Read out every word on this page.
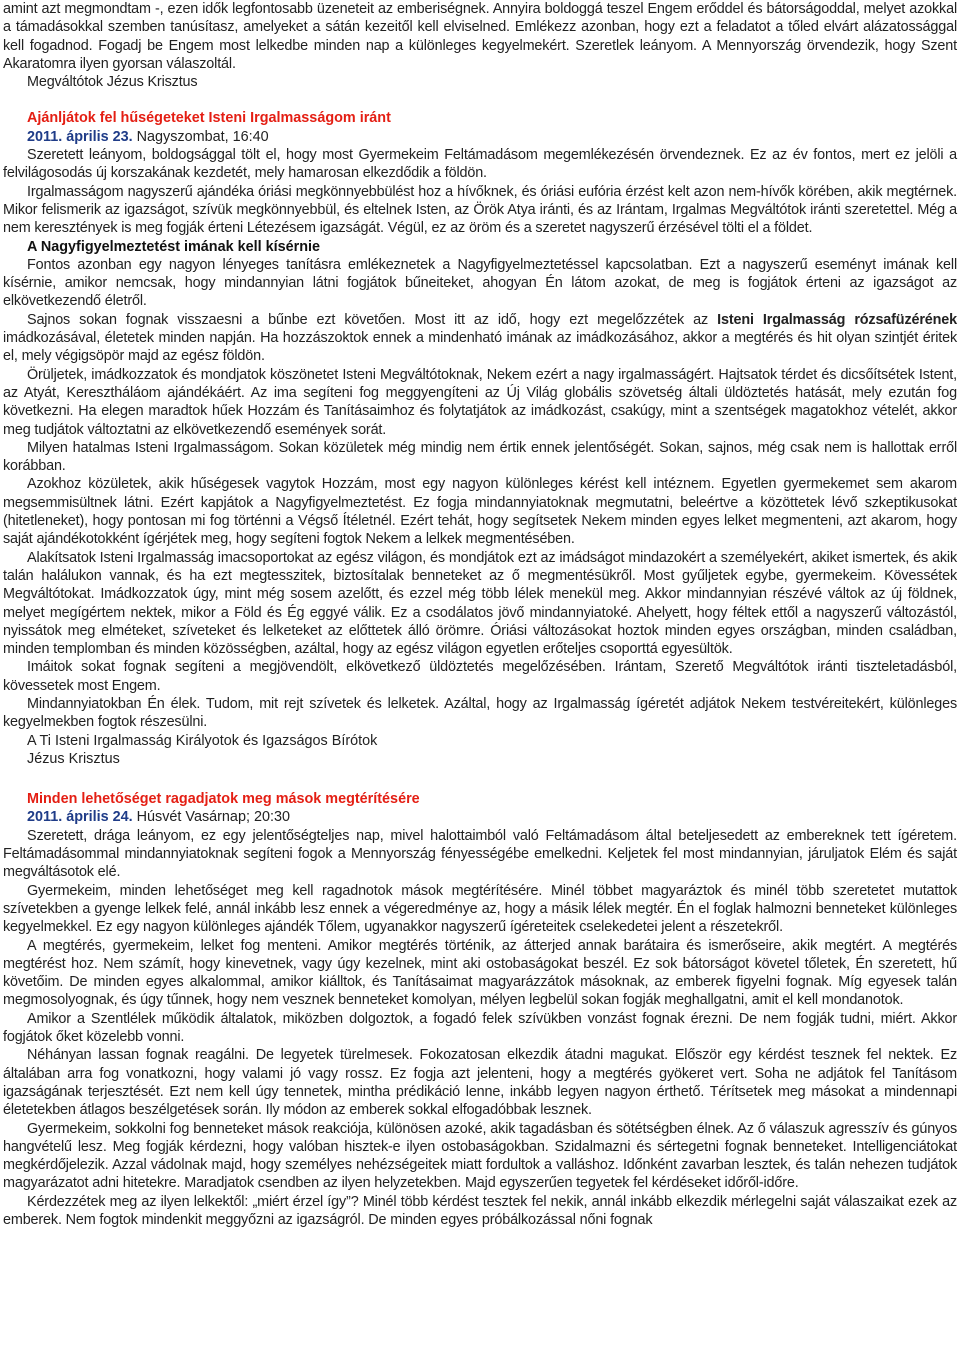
amint azt megmondtam -, ezen idők legfontosabb üzeneteit az emberiségnek. Annyira boldoggá teszel Engem erőddel és bátorságoddal, melyet azokkal a támadásokkal szemben tanúsítasz, amelyeket a sátán kezeitől kell elviselned. Emlékezz azonban, hogy ezt a feladatot a tőled elvárt alázatossággal kell fogadnod. Fogadj be Engem most lelkedbe minden nap a különleges kegyelmekért. Szeretlek leányom. A Mennyország örvendezik, hogy Szent Akaratomra ilyen gyorsan válaszoltál.

Megváltótok Jézus Krisztus

Ajánljátok fel hűségeteket Isteni Irgalmasságom iránt
2011. április 23. Nagyszombat, 16:40

Szeretett leányom, boldogsággal tölt el, hogy most Gyermekeim Feltámadásom megemlékezésén örvendeznek. Ez az év fontos, mert ez jelöli a felvilágosodás új korszakának kezdetét, mely hamarosan elkezdődik a földön.

Irgalmasságom nagyszerű ajándéka óriási megkönnyebbülést hoz a hívőknek, és óriási eufória érzést kelt azon nem-hívők körében, akik megtérnek. Mikor felismerik az igazságot, szívük megkönnyebbül, és eltelnek Isten, az Örök Atya iránti, és az Irántam, Irgalmas Megváltótok iránti szeretettel. Még a nem keresztények is meg fogják érteni Létezésem igazságát. Végül, ez az öröm és a szeretet nagyszerű érzésével tölti el a földet.

A Nagyfigyelmeztetést imának kell kísérnie

Fontos azonban egy nagyon lényeges tanításra emlékeznetek a Nagyfigyelmeztetéssel kapcsolatban. Ezt a nagyszerű eseményt imának kell kísérnie, amikor nemcsak, hogy mindannyian látni fogjátok bűneiteket, ahogyan Én látom azokat, de meg is fogjátok érteni az igazságot az elkövetkezendő életről.

Sajnos sokan fognak visszaesni a bűnbe ezt követően. Most itt az idő, hogy ezt megelőzzétek az Isteni Irgalmasság rózsafüzérének imádkozásával, életetek minden napján. Ha hozzászoktok ennek a mindenható imának az imádkozásához, akkor a megtérés és hit olyan szintjét éritek el, mely végigsöpör majd az egész földön.

Örüljetek, imádkozzatok és mondjatok köszönetet Isteni Megváltótoknak, Nekem ezért a nagy irgalmasságért. Hajtsatok térdet és dicsőítsétek Istent, az Atyát, Keresztháláom ajándékáért. Az ima segíteni fog meggyengíteni az Új Világ globális szövetség általi üldöztetés hatását, mely ezután fog következni. Ha elegen maradtok hűek Hozzám és Tanításaimhoz és folytatjátok az imádkozást, csakúgy, mint a szentségek magatokhoz vételét, akkor meg tudjátok változtatni az elkövetkezendő események sorát.

Milyen hatalmas Isteni Irgalmasságom. Sokan közületek még mindig nem értik ennek jelentőségét. Sokan, sajnos, még csak nem is hallottak erről korábban.

Azokhoz közületek, akik hűségesek vagytok Hozzám, most egy nagyon különleges kérést kell intéznem. Egyetlen gyermekemet sem akarom megsemmisültnek látni. Ezért kapjátok a Nagyfigyelmeztetést. Ez fogja mindannyiatoknak megmutatni, beleértve a közöttetek lévő szkeptikusokat (hitetleneket), hogy pontosan mi fog történni a Végső Ítéletnél. Ezért tehát, hogy segítsetek Nekem minden egyes lelket megmenteni, azt akarom, hogy saját ajándékotokként ígérjétek meg, hogy segíteni fogtok Nekem a lelkek megmentésében.

Alakítsatok Isteni Irgalmasság imacsoportokat az egész világon, és mondjátok ezt az imádságot mindazokért a személyekért, akiket ismertek, és akik talán halálukon vannak, és ha ezt megtesszitek, biztosítalak benneteket az ő megmentésükről. Most gyűljetek egybe, gyermekeim. Kövessétek Megváltótokat. Imádkozzatok úgy, mint még sosem azelőtt, és ezzel még több lélek menekül meg. Akkor mindannyian részévé váltok az új földnek, melyet megígértem nektek, mikor a Föld és Ég eggyé válik. Ez a csodálatos jövő mindannyiatoké. Ahelyett, hogy féltek ettől a nagyszerű változástól, nyissátok meg elméteket, szíveteket és lelketeket az előttetek álló örömre. Óriási változásokat hoztok minden egyes országban, minden családban, minden templomban és minden közösségben, azáltal, hogy az egész világon egyetlen erőteljes csoporttá egyesültök.

Imáitok sokat fognak segíteni a megjövendölt, elkövetkező üldöztetés megelőzésében. Irántam, Szerető Megváltótok iránti tiszteletadásból, kövessetek most Engem.

Mindannyiatokban Én élek. Tudom, mit rejt szívetek és lelketek. Azáltal, hogy az Irgalmasság ígéretét adjátok Nekem testvéreitekért, különleges kegyelmekben fogtok részesülni.

A Ti Isteni Irgalmasság Királyotok és Igazságos Bírótok
Jézus Krisztus
Minden lehetőséget ragadjatok meg mások megtérítésére
2011. április 24. Húsvét Vasárnap; 20:30

Szeretett, drága leányom, ez egy jelentőségteljes nap, mivel halottaimból való Feltámadásom által beteljesedett az embereknek tett ígéretem. Feltámadásommal mindannyiatoknak segíteni fogok a Mennyország fényességébe emelkedni. Keljetek fel most mindannyian, járuljatok Elém és saját megváltásotok elé.

Gyermekeim, minden lehetőséget meg kell ragadnotok mások megtérítésére. Minél többet magyaráztok és minél több szeretetet mutattok szívetekben a gyenge lelkek felé, annál inkább lesz ennek a végeredménye az, hogy a másik lélek megtér. Én el foglak halmozni benneteket különleges kegyelmekkel. Ez egy nagyon különleges ajándék Tőlem, ugyanakkor nagyszerű ígéreteitek cselekedetei jelent a részetekről.

A megtérés, gyermekeim, lelket fog menteni. Amikor megtérés történik, az átterjed annak barátaira és ismerőseire, akik megtért. A megtérés megtérést hoz. Nem számít, hogy kinevetnek, vagy úgy kezelnek, mint aki ostobaságokat beszél. Ez sok bátorságot követel tőletek, Én szeretett, hű követőim. De minden egyes alkalommal, amikor kiálltok, és Tanításaimat magyarázzátok másoknak, az emberek figyelni fognak. Míg egyesek talán megmosolyognak, és úgy tűnnek, hogy nem vesznek benneteket komolyan, mélyen legbelül sokan fogják meghallgatni, amit el kell mondanotok.

Amikor a Szentlélek működik általatok, miközben dolgoztok, a fogadó felek szívükben vonzást fognak érezni. De nem fogják tudni, miért. Akkor fogjátok őket közelebb vonni.

Néhányan lassan fognak reagálni. De legyetek türelmesek. Fokozatosan elkezdik átadni magukat. Először egy kérdést tesznek fel nektek. Ez általában arra fog vonatkozni, hogy valami jó vagy rossz. Ez fogja azt jelenteni, hogy a megtérés gyökeret vert. Soha ne adjátok fel Tanításom igazságának terjesztését. Ezt nem kell úgy tennetek, mintha prédikáció lenne, inkább legyen nagyon érthető. Térítsetek meg másokat a mindennapi életetekben átlagos beszélgetések során. Ily módon az emberek sokkal elfogadóbbak lesznek.

Gyermekeim, sokkolni fog benneteket mások reakciója, különösen azoké, akik tagadásban és sötétségben élnek. Az ő válaszuk agresszív és gúnyos hangvételű lesz. Meg fogják kérdezni, hogy valóban hisztek-e ilyen ostobaságokban. Szidalmazni és sértegetni fognak benneteket. Intelligenciátokat megkérdőjelezik. Azzal vádolnak majd, hogy személyes nehézségeitek miatt fordultok a valláshoz. Időnként zavarban lesztek, és talán nehezen tudjátok magyarázatot adni hitetekre. Maradjatok csendben az ilyen helyzetekben. Majd egyszerűen tegyetek fel kérdéseket időről-időre.

Kérdezzétek meg az ilyen lelkektől: „miért érzel így”? Minél több kérdést tesztek fel nekik, annál inkább elkezdik mérlegelni saját válaszaikat ezek az emberek. Nem fogtok mindenkit meggyőzni az igazságról. De minden egyes próbálkozással nőni fognak
